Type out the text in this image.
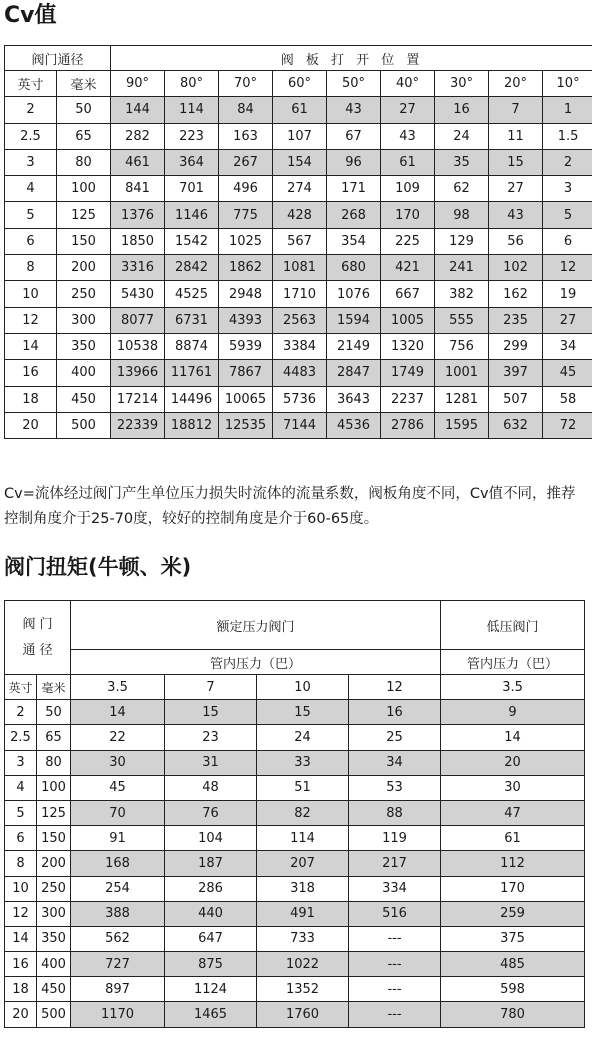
Cv值
阀门通径		阀 板 打 开 位 置								
英寸	毫米	90°	80°	70°	60°	50°	40°	30°	20°	10°
2	50	144	114	84	61	43	27	16	7	1
2.5	65	282	223	163	107	67	43	24	11	1.5
3	80	461	364	267	154	96	61	35	15	2
4	100	841	701	496	274	171	109	62	27	3
5	125	1376	1146	775	428	268	170	98	43	5
6	150	1850	1542	1025	567	354	225	129	56	6
8	200	3316	2842	1862	1081	680	421	241	102	12
10	250	5430	4525	2948	1710	1076	667	382	162	19
12	300	8077	6731	4393	2563	1594	1005	555	235	27
14	350	10538	8874	5939	3384	2149	1320	756	299	34
16	400	13966	11761	7867	4483	2847	1749	1001	397	45
18	450	17214	14496	10065	5736	3643	2237	1281	507	58
20	500	22339	18812	12535	7144	4536	2786	1595	632	72
Cv=流体经过阀门产生单位压力损失时流体的流量系数，阀板角度不同，Cv值不同，推荐控制角度介于25-70度，较好的控制角度是介于60-65度。
阀门扭矩(牛顿、米)
阀 门
通 径		额定压力阀门				低压阀门
		管内压力（巴）				管内压力（巴）
英寸	毫米	3.5	7	10	12	3.5
2	50	14	15	15	16	9
2.5	65	22	23	24	25	14
3	80	30	31	33	34	20
4	100	45	48	51	53	30
5	125	70	76	82	88	47
6	150	91	104	114	119	61
8	200	168	187	207	217	112
10	250	254	286	318	334	170
12	300	388	440	491	516	259
14	350	562	647	733	---	375
16	400	727	875	1022	---	485
18	450	897	1124	1352	---	598
20	500	1170	1465	1760	---	780
